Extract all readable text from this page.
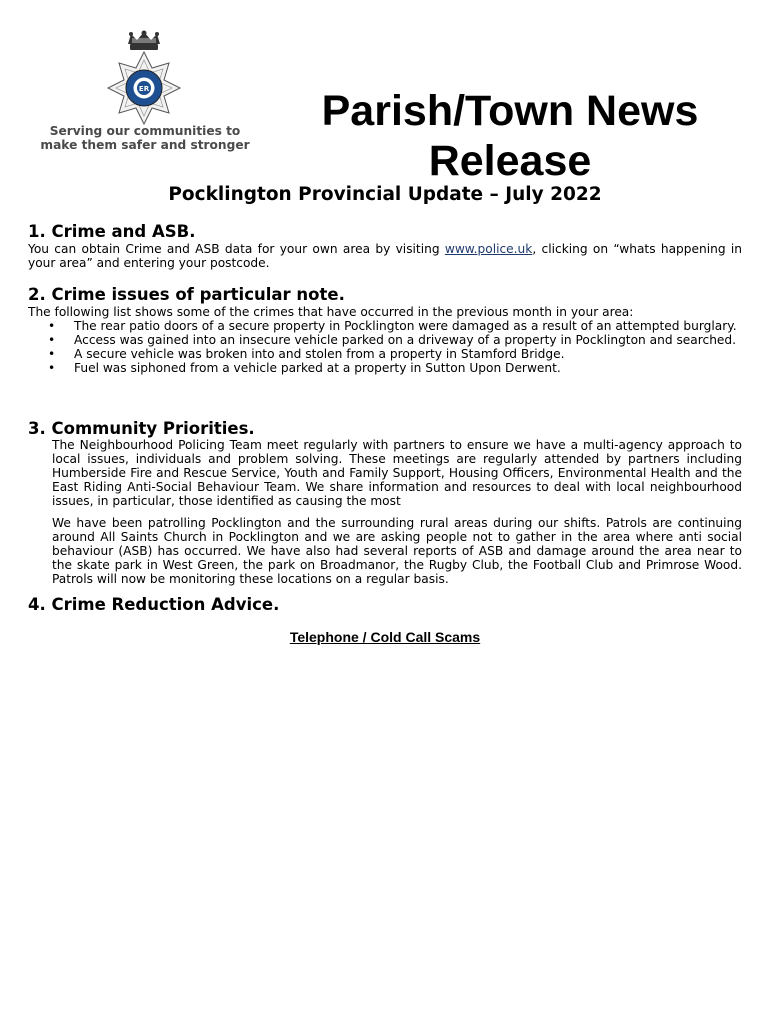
ER
Serving our communities to
make them safer and stronger
Parish/Town News
Release

Pocklington Provincial Update – July 2022

1. Crime and ASB.

You can obtain Crime and ASB data for your own area by visiting www.police.uk, clicking on “whats happening in your area” and entering your postcode.

2. Crime issues of particular note.

The following list shows some of the crimes that have occurred in the previous month in your area:

•	The rear patio doors of a secure property in Pocklington were damaged as a result of an attempted burglary.
•	Access was gained into an insecure vehicle parked on a driveway of a property in Pocklington and searched.
•	A secure vehicle was broken into and stolen from a property in Stamford Bridge.
•	Fuel was siphoned from a vehicle parked at a property in Sutton Upon Derwent.
3. Community Priorities.

The Neighbourhood Policing Team meet regularly with partners to ensure we have a multi-agency approach to local issues, individuals and problem solving. These meetings are regularly attended by partners including Humberside Fire and Rescue Service, Youth and Family Support, Housing Officers, Environmental Health and the East Riding Anti-Social Behaviour Team. We share information and resources to deal with local neighbourhood issues, in particular, those identified as causing the most

We have been patrolling Pocklington and the surrounding rural areas during our shifts. Patrols are continuing around All Saints Church in Pocklington and we are asking people not to gather in the area where anti social behaviour (ASB) has occurred. We have also had several reports of ASB and damage around the area near to the skate park in West Green, the park on Broadmanor, the Rugby Club, the Football Club and Primrose Wood. Patrols will now be monitoring these locations on a regular basis.

4. Crime Reduction Advice.

Telephone / Cold Call Scams
